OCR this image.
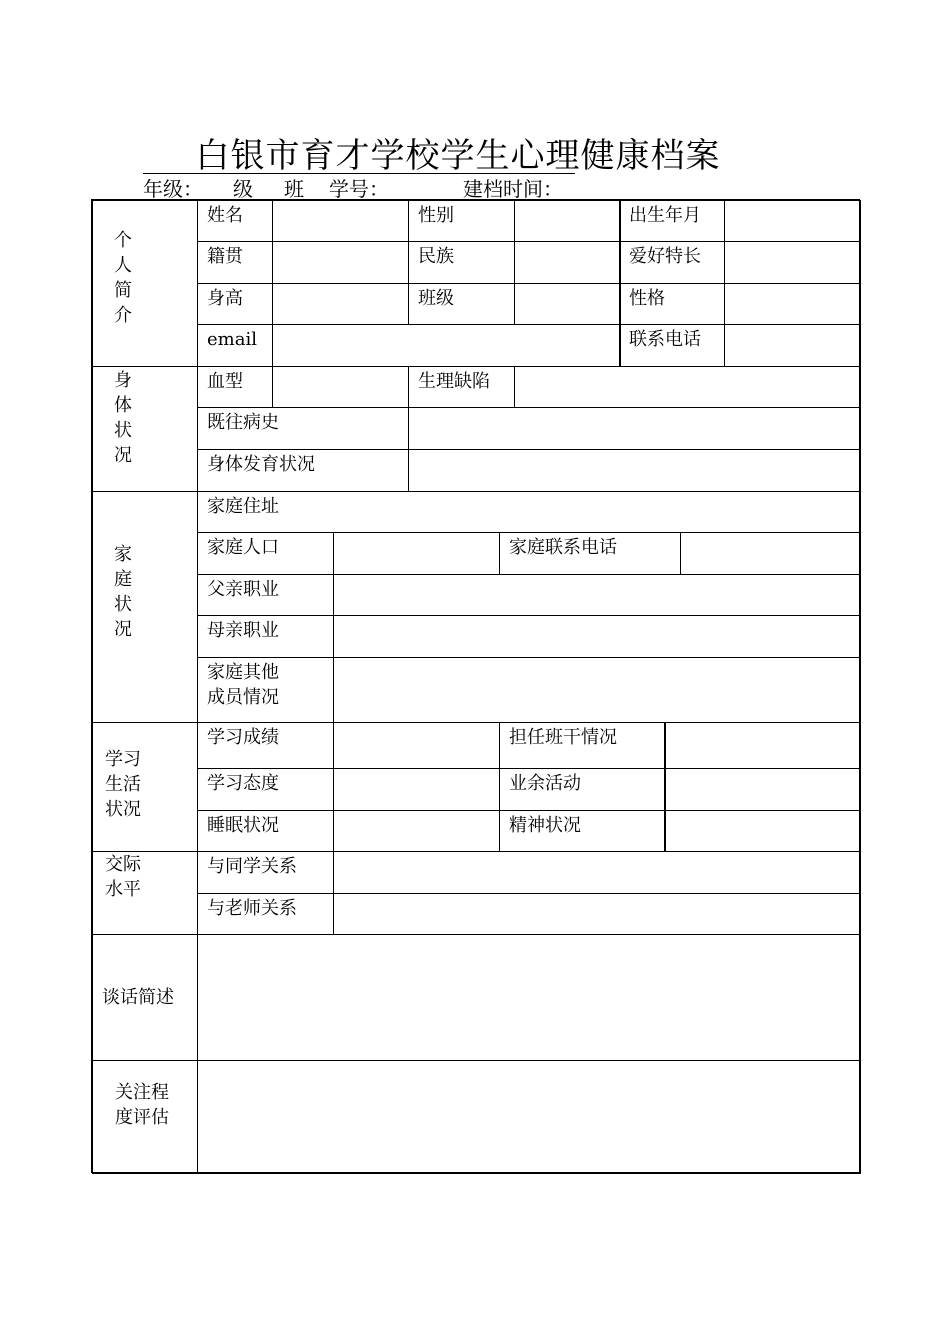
白银市育才学校学生心理健康档案
年级： 级 班 学号：	建档时间：
个人简介
姓名	性别	出生年月
籍贯	民族	爱好特长
身高	班级	性格
email	联系电话
身体状况
血型	生理缺陷
既往病史
身体发育状况
家庭状况
家庭住址
家庭人口	家庭联系电话
父亲职业
母亲职业
家庭其他成员情况
学习生活状况
学习成绩	担任班干情况
学习态度	业余活动
睡眠状况	精神状况
交际水平
与同学关系
与老师关系
谈话简述
关注程度评估
